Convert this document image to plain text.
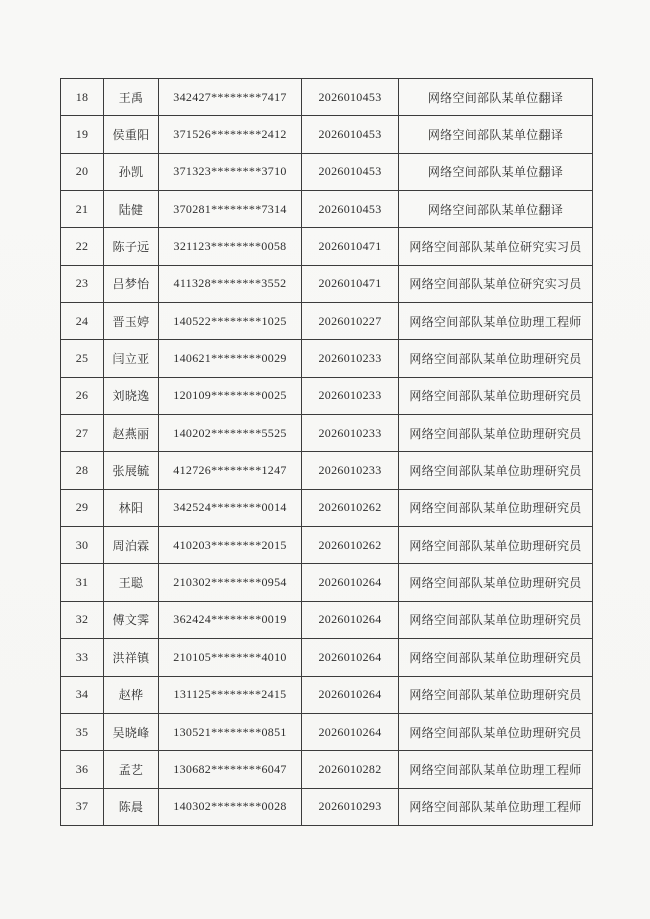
18	王禹	342427********7417	2026010453	网络空间部队某单位翻译
19	侯重阳	371526********2412	2026010453	网络空间部队某单位翻译
20	孙凯	371323********3710	2026010453	网络空间部队某单位翻译
21	陆健	370281********7314	2026010453	网络空间部队某单位翻译
22	陈子远	321123********0058	2026010471	网络空间部队某单位研究实习员
23	吕梦怡	411328********3552	2026010471	网络空间部队某单位研究实习员
24	晋玉婷	140522********1025	2026010227	网络空间部队某单位助理工程师
25	闫立亚	140621********0029	2026010233	网络空间部队某单位助理研究员
26	刘晓逸	120109********0025	2026010233	网络空间部队某单位助理研究员
27	赵燕丽	140202********5525	2026010233	网络空间部队某单位助理研究员
28	张展毓	412726********1247	2026010233	网络空间部队某单位助理研究员
29	林阳	342524********0014	2026010262	网络空间部队某单位助理研究员
30	周泊霖	410203********2015	2026010262	网络空间部队某单位助理研究员
31	王聪	210302********0954	2026010264	网络空间部队某单位助理研究员
32	傅文霁	362424********0019	2026010264	网络空间部队某单位助理研究员
33	洪祥镇	210105********4010	2026010264	网络空间部队某单位助理研究员
34	赵桦	131125********2415	2026010264	网络空间部队某单位助理研究员
35	吴晓峰	130521********0851	2026010264	网络空间部队某单位助理研究员
36	孟艺	130682********6047	2026010282	网络空间部队某单位助理工程师
37	陈晨	140302********0028	2026010293	网络空间部队某单位助理工程师
